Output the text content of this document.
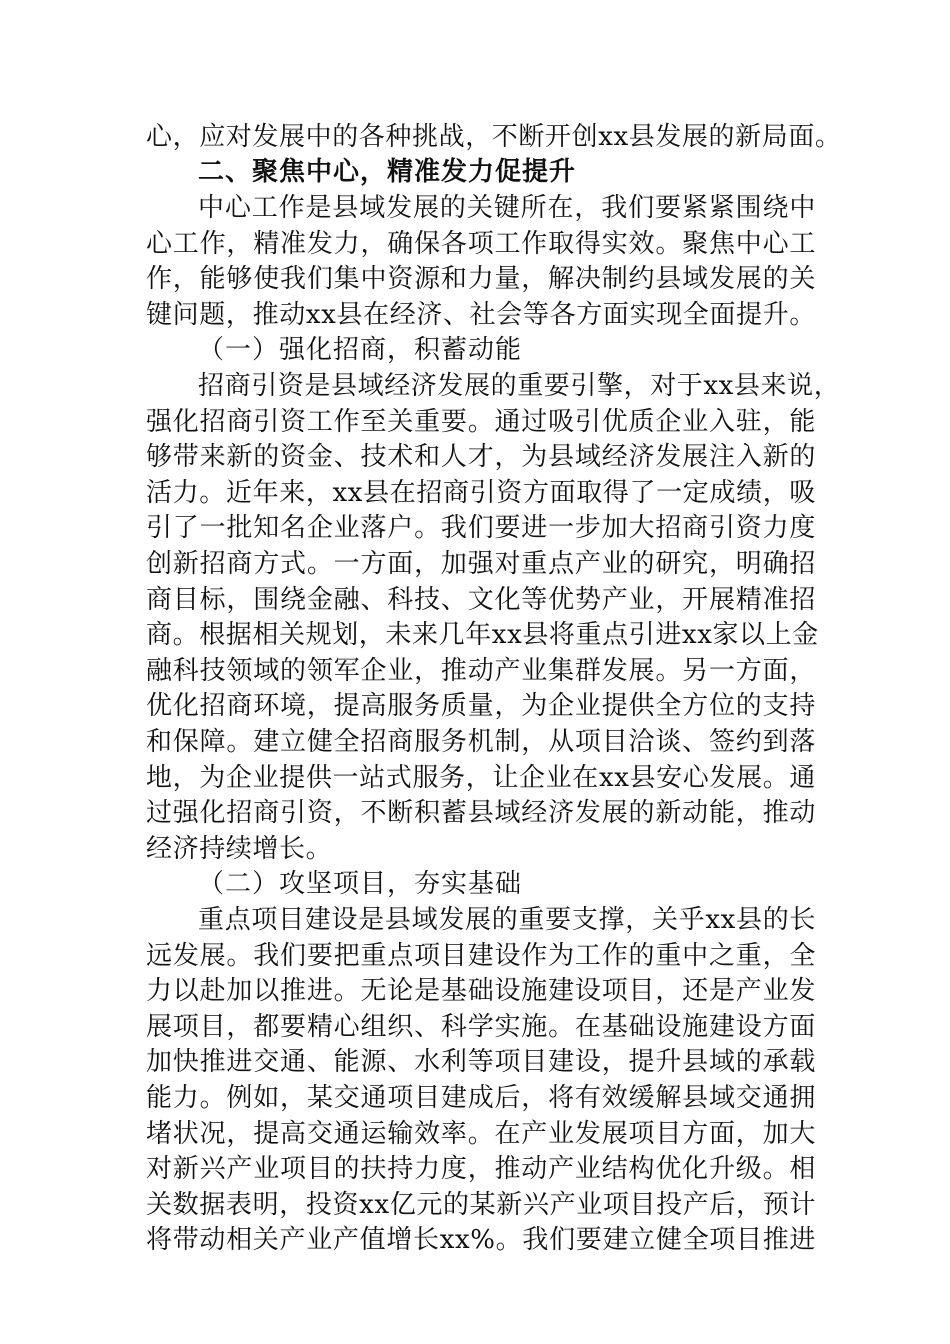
心，应对发展中的各种挑战，不断开创xx县发展的新局面。
二、聚焦中心，精准发力促提升
中心工作是县域发展的关键所在，我们要紧紧围绕中
心工作，精准发力，确保各项工作取得实效。聚焦中心工
作，能够使我们集中资源和力量，解决制约县域发展的关
键问题，推动xx县在经济、社会等各方面实现全面提升。
（一）强化招商，积蓄动能
招商引资是县域经济发展的重要引擎，对于xx县来说，
强化招商引资工作至关重要。通过吸引优质企业入驻，能
够带来新的资金、技术和人才，为县域经济发展注入新的
活力。近年来，xx县在招商引资方面取得了一定成绩，吸
引了一批知名企业落户。我们要进一步加大招商引资力度
创新招商方式。一方面，加强对重点产业的研究，明确招
商目标，围绕金融、科技、文化等优势产业，开展精准招
商。根据相关规划，未来几年xx县将重点引进xx家以上金
融科技领域的领军企业，推动产业集群发展。另一方面，
优化招商环境，提高服务质量，为企业提供全方位的支持
和保障。建立健全招商服务机制，从项目洽谈、签约到落
地，为企业提供一站式服务，让企业在xx县安心发展。通
过强化招商引资，不断积蓄县域经济发展的新动能，推动
经济持续增长。
（二）攻坚项目，夯实基础
重点项目建设是县域发展的重要支撑，关乎xx县的长
远发展。我们要把重点项目建设作为工作的重中之重，全
力以赴加以推进。无论是基础设施建设项目，还是产业发
展项目，都要精心组织、科学实施。在基础设施建设方面
加快推进交通、能源、水利等项目建设，提升县域的承载
能力。例如，某交通项目建成后，将有效缓解县域交通拥
堵状况，提高交通运输效率。在产业发展项目方面，加大
对新兴产业项目的扶持力度，推动产业结构优化升级。相
关数据表明，投资xx亿元的某新兴产业项目投产后，预计
将带动相关产业产值增长xx%。我们要建立健全项目推进
